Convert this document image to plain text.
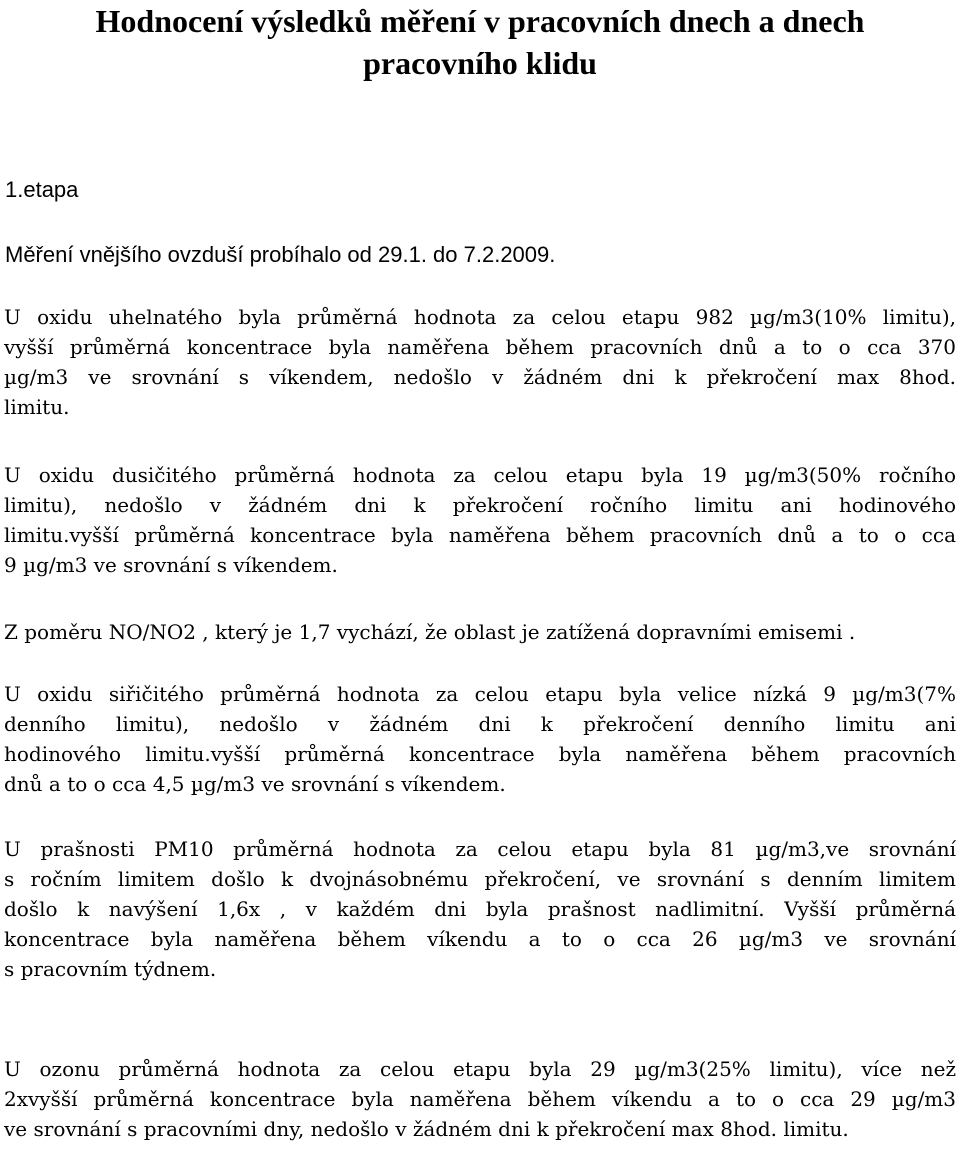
Hodnocení výsledků měření v pracovních dnech a dnech pracovního klidu

1.etapa

Měření vnějšího ovzduší probíhalo od 29.1. do 7.2.2009.

U oxidu uhelnatého byla průměrná hodnota za celou etapu 982 µg/m3(10% limitu),
vyšší průměrná koncentrace byla naměřena během pracovních dnů a to o cca 370
µg/m3 ve srovnání s víkendem, nedošlo v žádném dni k překročení max 8hod.
limitu.

U oxidu dusičitého průměrná hodnota za celou etapu byla 19 µg/m3(50% ročního
limitu), nedošlo v žádném dni k překročení ročního limitu ani hodinového
limitu.vyšší průměrná koncentrace byla naměřena během pracovních dnů a to o cca
9 µg/m3 ve srovnání s víkendem.

Z poměru NO/NO2 , který je 1,7 vychází, že oblast je zatížená dopravními emisemi .

U oxidu siřičitého průměrná hodnota za celou etapu byla velice nízká 9 µg/m3(7%
denního limitu), nedošlo v žádném dni k překročení denního limitu ani
hodinového limitu.vyšší průměrná koncentrace byla naměřena během pracovních
dnů a to o cca 4,5 µg/m3 ve srovnání s víkendem.

U prašnosti PM10 průměrná hodnota za celou etapu byla 81 µg/m3,ve srovnání
s ročním limitem došlo k dvojnásobnému překročení, ve srovnání s denním limitem
došlo k navýšení 1,6x , v každém dni byla prašnost nadlimitní. Vyšší průměrná
koncentrace byla naměřena během víkendu a to o cca 26 µg/m3 ve srovnání
s pracovním týdnem.

U ozonu průměrná hodnota za celou etapu byla 29 µg/m3(25% limitu), více než
2xvyšší průměrná koncentrace byla naměřena během víkendu a to o cca 29 µg/m3
ve srovnání s pracovními dny, nedošlo v žádném dni k překročení max 8hod. limitu.
